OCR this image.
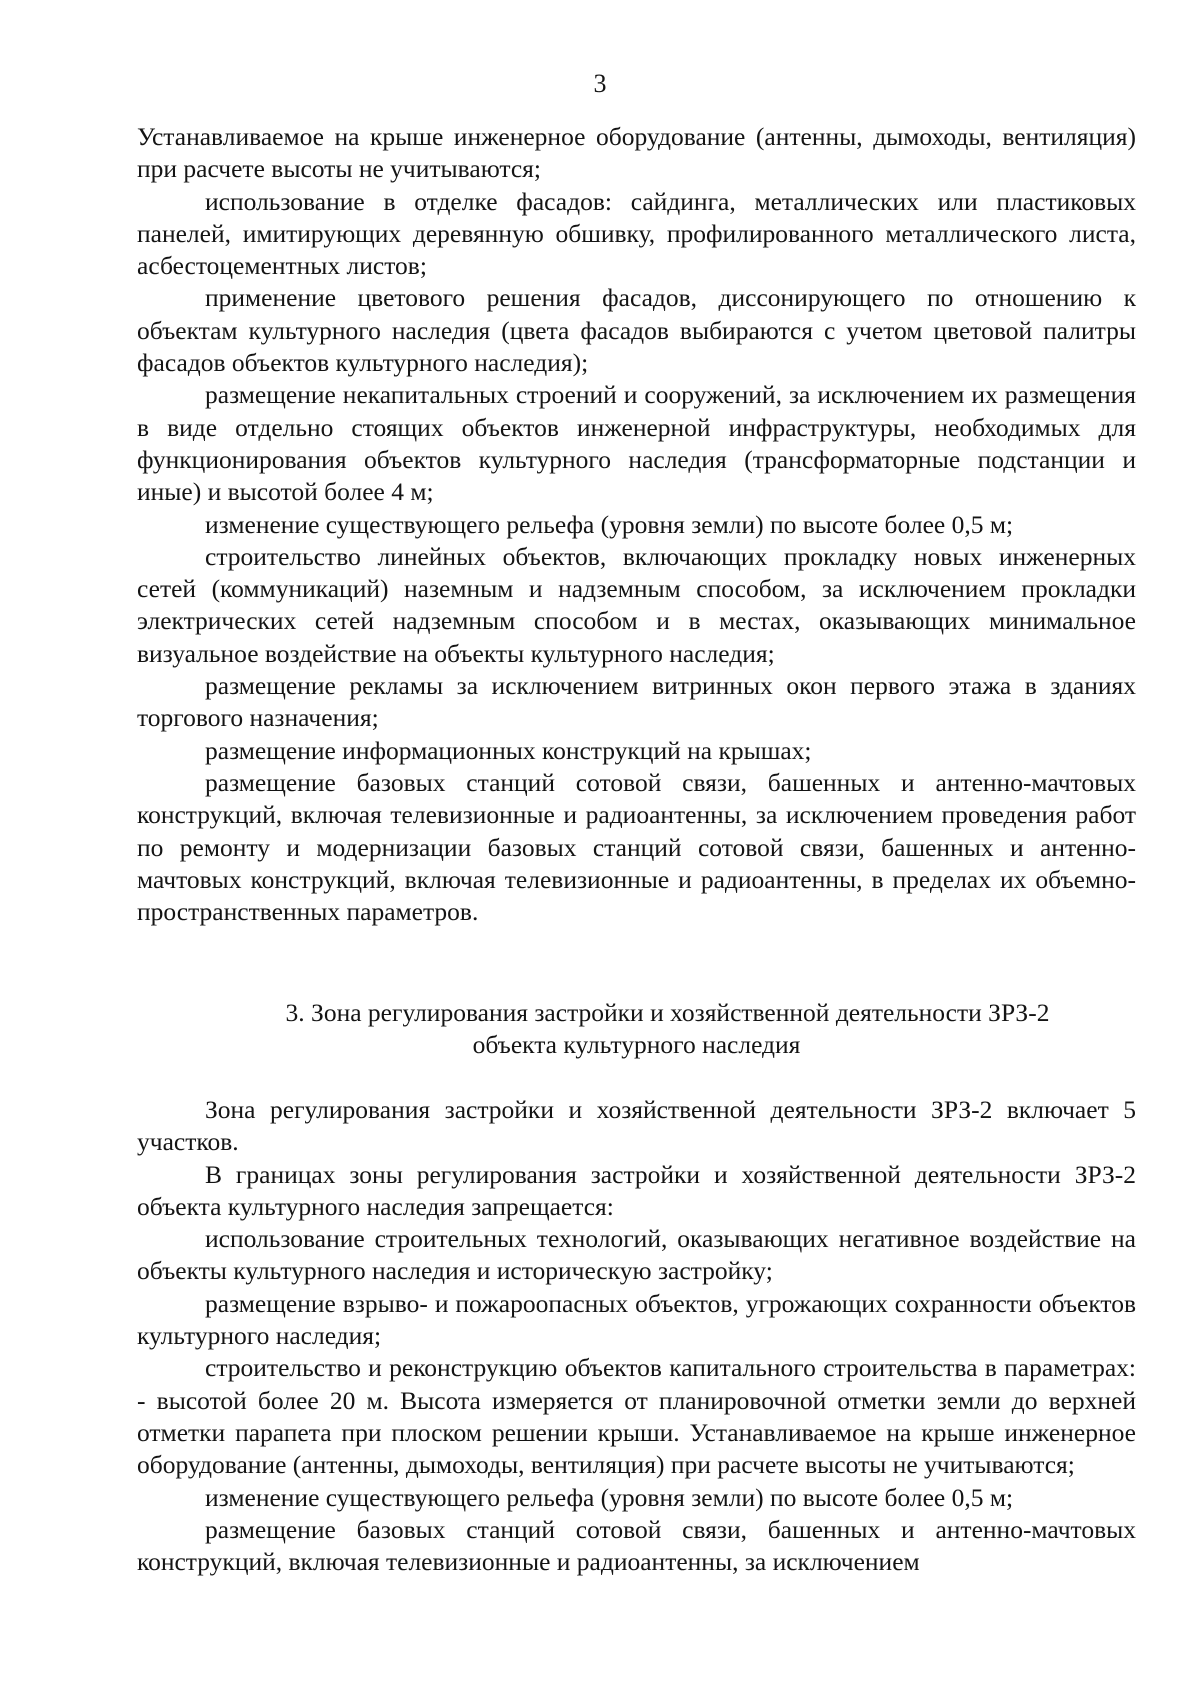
3

Устанавливаемое на крыше инженерное оборудование (антенны, дымоходы, вентиляция) при расчете высоты не учитываются;

использование в отделке фасадов: сайдинга, металлических или пластиковых панелей, имитирующих деревянную обшивку, профилированного металлического листа, асбестоцементных листов;

применение цветового решения фасадов, диссонирующего по отношению к объектам культурного наследия (цвета фасадов выбираются с учетом цветовой палитры фасадов объектов культурного наследия);

размещение некапитальных строений и сооружений, за исключением их размещения в виде отдельно стоящих объектов инженерной инфраструктуры, необходимых для функционирования объектов культурного наследия (трансформаторные подстанции и иные) и высотой более 4 м;

изменение существующего рельефа (уровня земли) по высоте более 0,5 м;

строительство линейных объектов, включающих прокладку новых инженерных сетей (коммуникаций) наземным и надземным способом, за исключением прокладки электрических сетей надземным способом и в местах, оказывающих минимальное визуальное воздействие на объекты культурного наследия;

размещение рекламы за исключением витринных окон первого этажа в зданиях торгового назначения;

размещение информационных конструкций на крышах;

размещение базовых станций сотовой связи, башенных и антенно-мачтовых конструкций, включая телевизионные и радиоантенны, за исключением проведения работ по ремонту и модернизации базовых станций сотовой связи, башенных и антенно-мачтовых конструкций, включая телевизионные и радиоантенны, в пределах их объемно-пространственных параметров.

3. Зона регулирования застройки и хозяйственной деятельности ЗРЗ-2
объекта культурного наследия

Зона регулирования застройки и хозяйственной деятельности ЗРЗ-2 включает 5 участков.

В границах зоны регулирования застройки и хозяйственной деятельности ЗРЗ-2 объекта культурного наследия запрещается:

использование строительных технологий, оказывающих негативное воздействие на объекты культурного наследия и историческую застройку;

размещение взрыво- и пожароопасных объектов, угрожающих сохранности объектов культурного наследия;

строительство и реконструкцию объектов капитального строительства в параметрах: - высотой более 20 м. Высота измеряется от планировочной отметки земли до верхней отметки парапета при плоском решении крыши. Устанавливаемое на крыше инженерное оборудование (антенны, дымоходы, вентиляция) при расчете высоты не учитываются;

изменение существующего рельефа (уровня земли) по высоте более 0,5 м;

размещение базовых станций сотовой связи, башенных и антенно-мачтовых конструкций, включая телевизионные и радиоантенны, за исключением
